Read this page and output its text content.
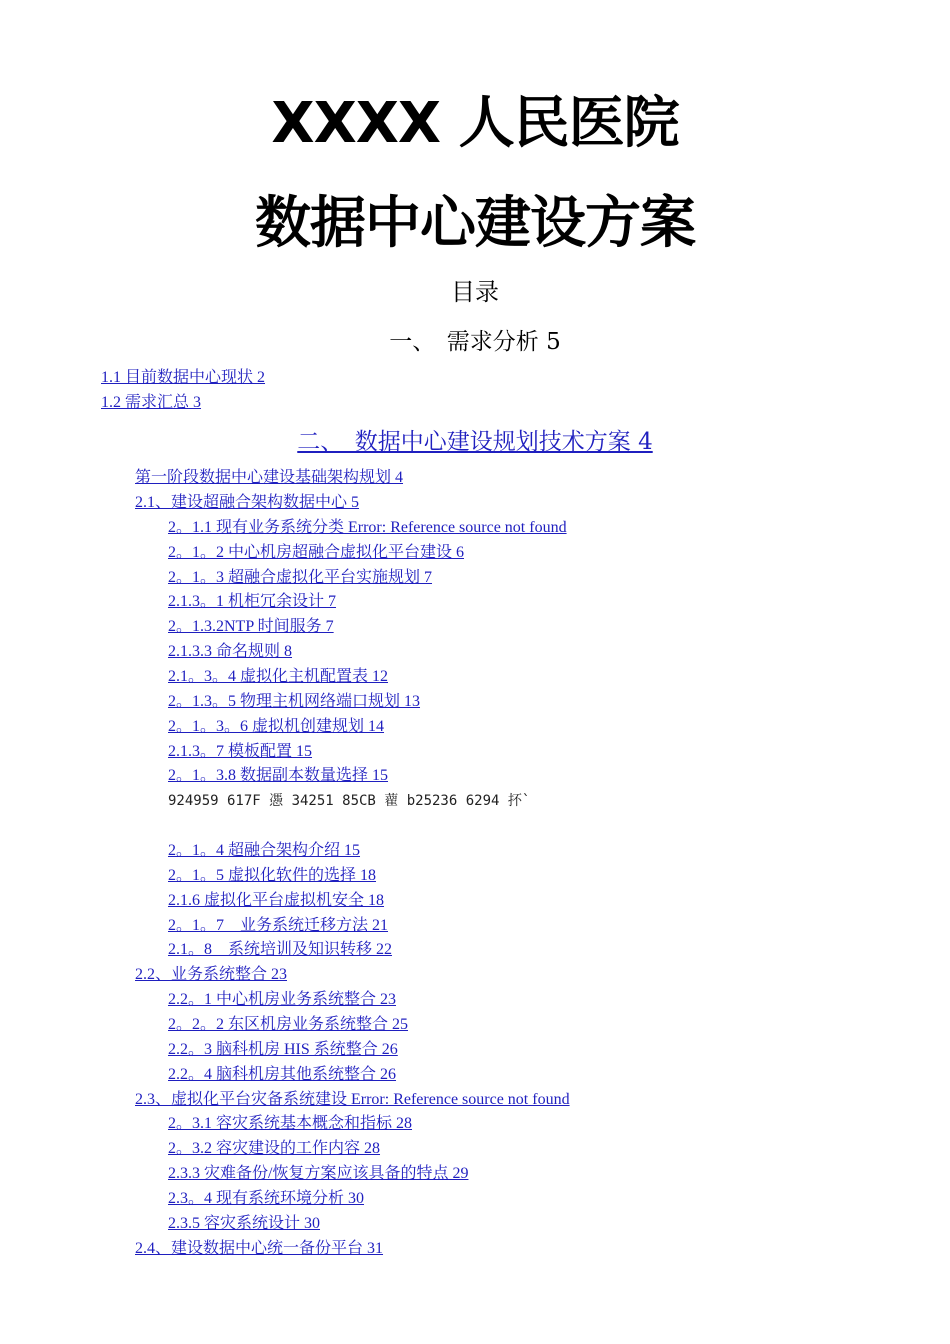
XXXX 人民医院
数据中心建设方案
目录
一、　需求分析 5
1.1 目前数据中心现状 2
1.2 需求汇总 3
二、　数据中心建设规划技术方案 4
第一阶段数据中心建设基础架构规划 4
2.1、建设超融合架构数据中心 5
2。1.1 现有业务系统分类 Error: Reference source not found
2。1。2 中心机房超融合虚拟化平台建设 6
2。1。3 超融合虚拟化平台实施规划 7
2.1.3。1 机柜冗余设计 7
2。1.3.2NTP 时间服务 7
2.1.3.3 命名规则 8
2.1。3。4 虚拟化主机配置表 12
2。1.3。5 物理主机网络端口规划 13
2。1。3。6 虚拟机创建规划 14
2.1.3。7 模板配置 15
2。1。3.8 数据副本数量选择 15
924959 617F 慿 34251 85CB 藋 b25236 6294 抔`
2。1。4 超融合架构介绍 15
2。1。5 虚拟化软件的选择 18
2.1.6 虚拟化平台虚拟机安全 18
2。1。7　业务系统迁移方法 21
2.1。8　系统培训及知识转移 22
2.2、业务系统整合 23
2.2。1 中心机房业务系统整合 23
2。2。2 东区机房业务系统整合 25
2.2。3 脑科机房 HIS 系统整合 26
2.2。4 脑科机房其他系统整合 26
2.3、虚拟化平台灾备系统建设 Error: Reference source not found
2。3.1 容灾系统基本概念和指标 28
2。3.2 容灾建设的工作内容 28
2.3.3 灾难备份/恢复方案应该具备的特点 29
2.3。4 现有系统环境分析 30
2.3.5 容灾系统设计 30
2.4、建设数据中心统一备份平台 31
